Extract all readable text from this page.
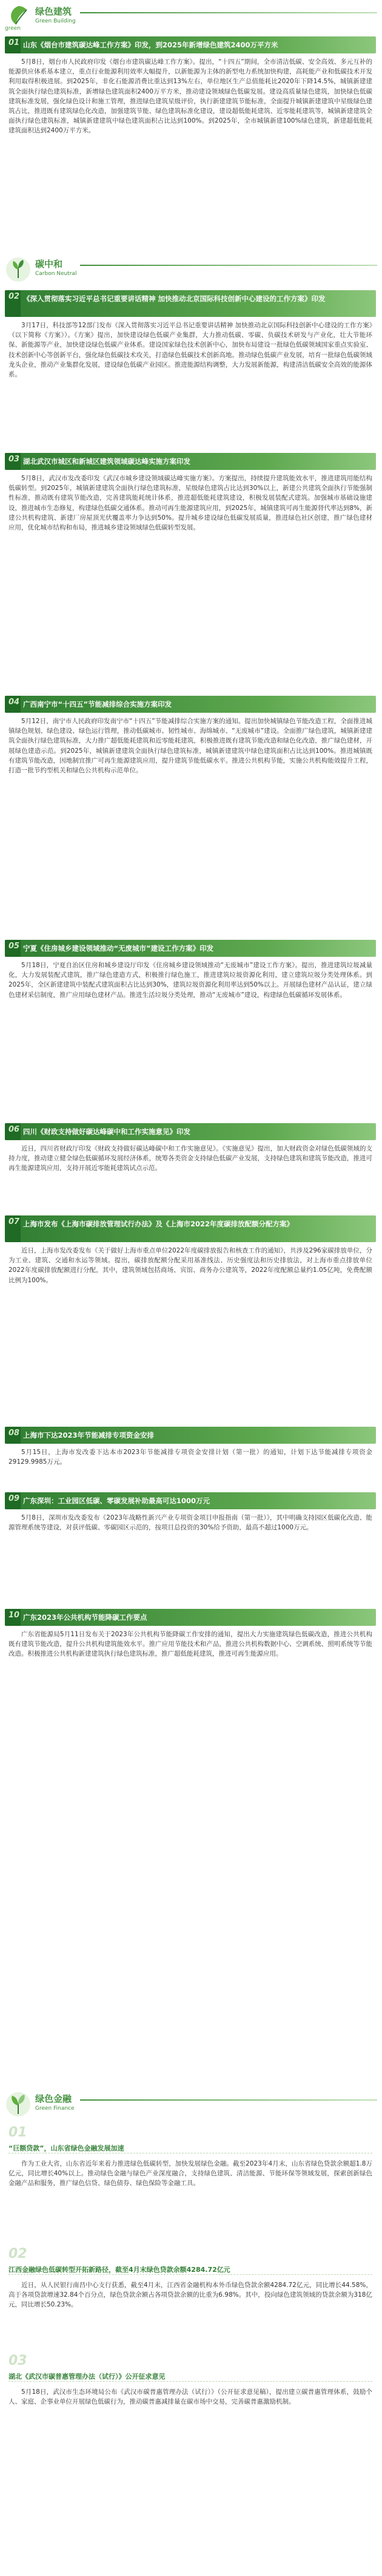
绿色建筑
Green Building
green
01 山东《烟台市建筑碳达峰工作方案》印发，到2025年新增绿色建筑2400万平方米
5月8日，烟台市人民政府印发《烟台市建筑碳达峰工作方案》。提出，“十四五”期间，全市清洁低碳、安全高效、多元互补的能源供应体系基本建立，重点行业能源利用效率大幅提升，以新能源为主体的新型电力系统加快构建，高耗能产业和低碳技术开发利用取得积极进展。到2025年，非化石能源消费比重达到13%左右，单位地区生产总值能耗比2020年下降14.5%，城镇新建建筑全面执行绿色建筑标准，新增绿色建筑面积2400万平方米，推动建设领域绿色低碳发展。建设高质量绿色建筑，加快绿色低碳建筑标准发展，强化绿色设计和施工管理，推进绿色建筑星级评价，执行新建建筑节能标准，全面提升城镇新建建筑中星级绿色建筑占比，推进既有建筑绿色化改造，加强建筑节能、绿色建筑标准化建设，建设超低能耗建筑、近零能耗建筑等，城镇新建建筑全面执行绿色建筑标准，城镇新建建筑中绿色建筑面积占比达到100%。到2025年，全市城镇新建100%绿色建筑，新建超低能耗建筑面积达到2400万平方米。
碳中和
Carbon Neutral
02 《深入贯彻落实习近平总书记重要讲话精神 加快推动北京国际科技创新中心建设的工作方案》印发
3月17日，科技部等12部门发布《深入贯彻落实习近平总书记重要讲话精神 加快推动北京国际科技创新中心建设的工作方案》（以下简称《方案》）。《方案》提出，加快建设绿色低碳产业集群，大力推动低碳、零碳、负碳技术研发与产业化，壮大节能环保、新能源等产业，加快建设绿色低碳产业体系。建设国家绿色技术创新中心，加快布局建设一批绿色低碳领域国家重点实验室、技术创新中心等创新平台，强化绿色低碳技术攻关，打造绿色低碳技术创新高地。推动绿色低碳产业发展，培育一批绿色低碳领域龙头企业，推动产业集群化发展，建设绿色低碳产业园区。推进能源结构调整，大力发展新能源，构建清洁低碳安全高效的能源体系。
03 湖北武汉市城区和新城区建筑领域碳达峰实施方案印发
5月8日，武汉市发改委印发《武汉市城乡建设领域碳达峰实施方案》。方案提出，持续提升建筑能效水平，推进建筑用能结构低碳转型。到2025年，城镇新建建筑全面执行绿色建筑标准，星级绿色建筑占比达到30%以上，新建公共建筑全面执行节能强制性标准，推动既有建筑节能改造，完善建筑能耗统计体系，推进超低能耗建筑建设，积极发展装配式建筑。加强城市基础设施建设，推进城市生态修复，构建绿色低碳交通体系。推动可再生能源建筑应用，到2025年，城镇建筑可再生能源替代率达到8%，新建公共机构建筑、新建厂房屋顶光伏覆盖率力争达到50%。提升城乡建设绿色低碳发展质量，推进绿色社区创建，推广绿色建材应用，优化城市结构和布局，推进城乡建设领域绿色低碳转型发展。
04 广西南宁市“十四五”节能减排综合实施方案印发
5月12日，南宁市人民政府印发南宁市“十四五”节能减排综合实施方案的通知。提出加快城镇绿色节能改造工程，全面推进城镇绿色规划、绿色建设、绿色运行管理，推动低碳城市、韧性城市、海绵城市、“无废城市”建设。全面推广绿色建筑，城镇新建建筑全面执行绿色建筑标准，大力推广超低能耗建筑和近零能耗建筑，积极推进既有建筑节能改造和绿色化改造，推广绿色建材，开展绿色建造示范。到2025年，城镇新建建筑全面执行绿色建筑标准，城镇新建建筑中绿色建筑面积占比达到100%。推进城镇既有建筑节能改造，因地制宜推广可再生能源建筑应用，提升建筑节能低碳水平。推进公共机构节能，实施公共机构能效提升工程，打造一批节约型机关和绿色公共机构示范单位。
05 宁夏《住房城乡建设领域推动“无废城市”建设工作方案》印发
5月18日，宁夏自治区住房和城乡建设厅印发《住房城乡建设领域推动“无废城市”建设工作方案》。提出，推进建筑垃圾减量化，大力发展装配式建筑，推广绿色建造方式，积极推行绿色施工，推进建筑垃圾资源化利用，建立建筑垃圾分类处理体系。到2025年，全区新建建筑中装配式建筑面积占比达到30%，建筑垃圾资源化利用率达到50%以上。开展绿色建材产品认证，建立绿色建材采信制度，推广应用绿色建材产品。推进生活垃圾分类处理，推动“无废城市”建设，构建绿色低碳循环发展体系。
06 四川《财政支持做好碳达峰碳中和工作实施意见》印发
近日，四川省财政厅印发《财政支持做好碳达峰碳中和工作实施意见》。《实施意见》提出，加大财政资金对绿色低碳领域的支持力度，推动建立健全绿色低碳循环发展经济体系，统筹各类资金支持绿色低碳产业发展，支持绿色建筑和建筑节能改造，推进可再生能源建筑应用，支持开展近零能耗建筑试点示范。
07 上海市发布《上海市碳排放管理试行办法》及《上海市2022年度碳排放配额分配方案》
近日，上海市发改委发布《关于做好上海市重点单位2022年度碳排放报告和核查工作的通知》，共涉及296家碳排放单位，分为工业、建筑、交通和水运等领域。提出，碳排放配额分配采用基准线法、历史强度法和历史排放法，对上海市重点排放单位2022年度碳排放配额进行分配，其中，建筑领域包括商场、宾馆、商务办公建筑等，2022年度配额总量约1.05亿吨，免费配额比例为100%。
08 上海市下达2023年节能减排专项资金安排
5月15日，上海市发改委下达本市2023年节能减排专项资金安排计划（第一批）的通知，计划下达节能减排专项资金29129.9985万元。
09 广东深圳：工业园区低碳、零碳发展补助最高可达1000万元
5月8日，深圳市发改委发布《2023年战略性新兴产业专项资金项目申报指南（第一批）》，其中明确支持园区低碳化改造、能源管理系统等建设，对获评低碳、零碳园区示范的，按项目总投资的30%给予资助，最高不超过1000万元。
10 广东2023年公共机构节能降碳工作要点
广东省能源局5月11日发布关于2023年公共机构节能降碳工作安排的通知，提出大力实施建筑绿色低碳改造，推进公共机构既有建筑节能改造，提升公共机构建筑能效水平。推广应用节能技术和产品，推进公共机构数据中心、空调系统、照明系统等节能改造。积极推进公共机构新建建筑执行绿色建筑标准，推广超低能耗建筑，推进可再生能源应用。
绿色金融
Green Finance
01
“巨额贷款”，山东省绿色金融发展加速
作为工业大省，山东省近年来着力推进绿色低碳转型，加快发展绿色金融。截至2023年4月末，山东省绿色贷款余额超1.8万亿元，同比增长40%以上。推动绿色金融与绿色产业深度融合，支持绿色建筑、清洁能源、节能环保等领域发展，探索创新绿色金融产品和服务，推广绿色信贷、绿色债券、绿色保险等金融工具。
02
江西金融绿色低碳转型开拓新路径，截至4月末绿色贷款余额4284.72亿元
近日，从人民银行南昌中心支行获悉，截至4月末，江西省金融机构本外币绿色贷款余额4284.72亿元，同比增长44.58%，高于各项贷款增速32.84个百分点，绿色贷款余额占各项贷款余额的比重为6.98%。其中，投向绿色建筑领域的贷款余额为318亿元，同比增长50.23%。
03
湖北《武汉市碳普惠管理办法（试行）》公开征求意见
5月18日，武汉市生态环境局公布《武汉市碳普惠管理办法（试行）》（公开征求意见稿），提出建立碳普惠管理体系，鼓励个人、家庭、企事业单位开展绿色低碳行为，推动碳普惠减排量在碳市场中交易，完善碳普惠激励机制。
